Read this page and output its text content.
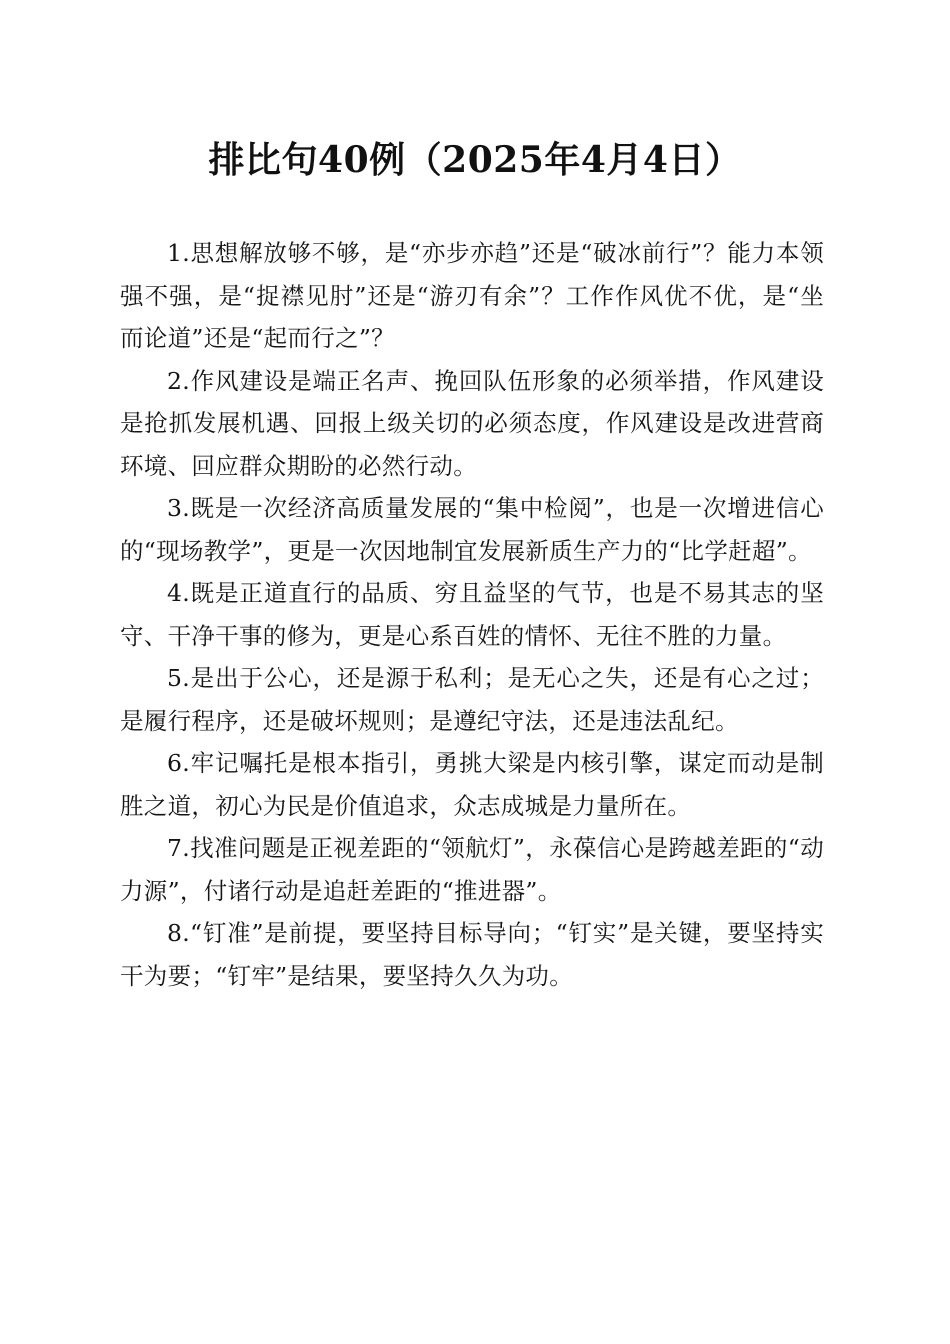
排比句40例（2025年4月4日）

1.思想解放够不够，是“亦步亦趋”还是“破冰前行”？能力本领强不强，是“捉襟见肘”还是“游刃有余”？工作作风优不优，是“坐而论道”还是“起而行之”？

2.作风建设是端正名声、挽回队伍形象的必须举措，作风建设是抢抓发展机遇、回报上级关切的必须态度，作风建设是改进营商环境、回应群众期盼的必然行动。

3.既是一次经济高质量发展的“集中检阅”，也是一次增进信心的“现场教学”，更是一次因地制宜发展新质生产力的“比学赶超”。

4.既是正道直行的品质、穷且益坚的气节，也是不易其志的坚守、干净干事的修为，更是心系百姓的情怀、无往不胜的力量。

5.是出于公心，还是源于私利；是无心之失，还是有心之过；是履行程序，还是破坏规则；是遵纪守法，还是违法乱纪。

6.牢记嘱托是根本指引，勇挑大梁是内核引擎，谋定而动是制胜之道，初心为民是价值追求，众志成城是力量所在。

7.找准问题是正视差距的“领航灯”，永葆信心是跨越差距的“动力源”，付诸行动是追赶差距的“推进器”。

8.“钉准”是前提，要坚持目标导向；“钉实”是关键，要坚持实干为要；“钉牢”是结果，要坚持久久为功。
